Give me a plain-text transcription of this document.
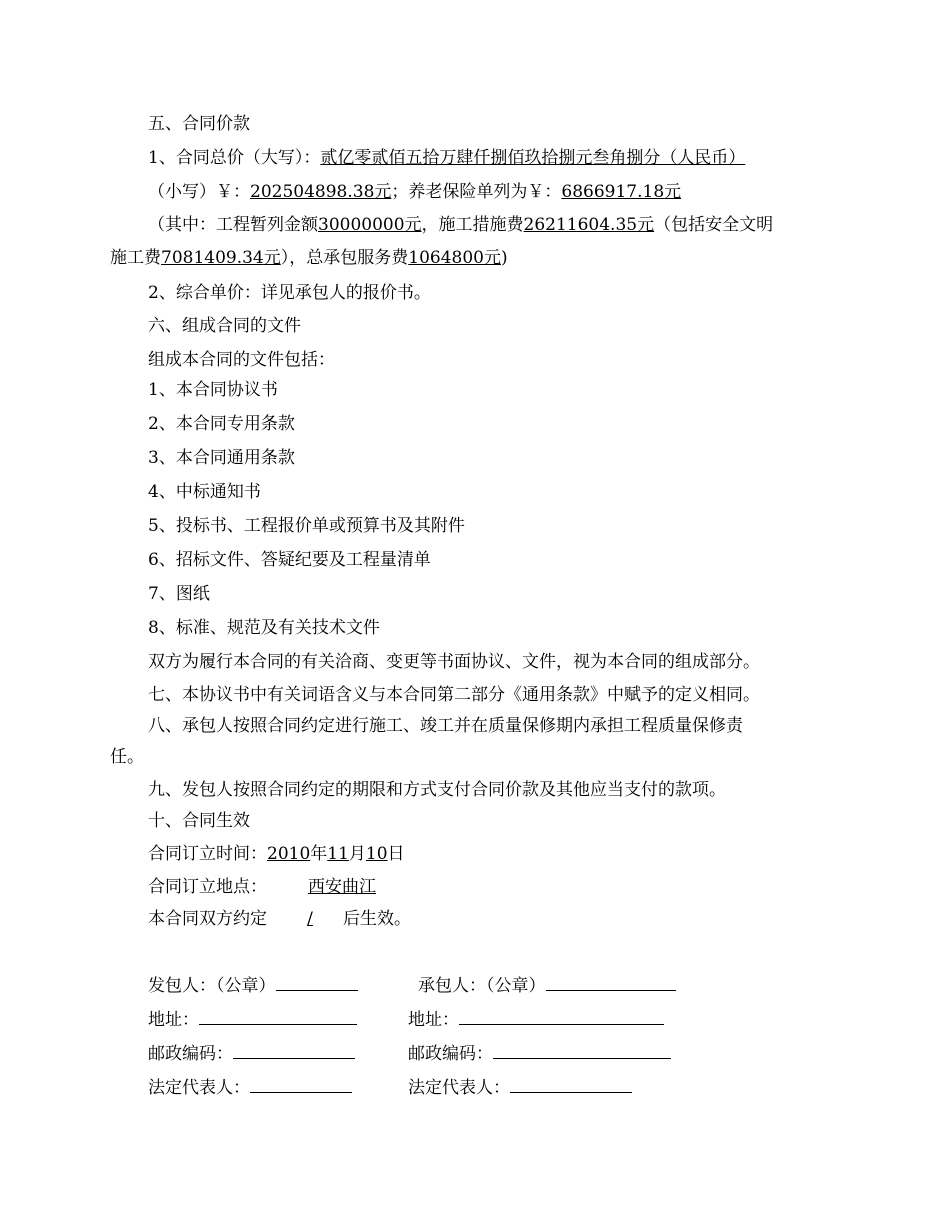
五、合同价款
1、合同总价（大写）：贰亿零贰佰五拾万肆仟捌佰玖拾捌元叁角捌分（人民币）
（小写）￥：202504898.38元；养老保险单列为￥：6866917.18元
（其中：工程暂列金额30000000元，施工措施费26211604.35元（包括安全文明
施工费7081409.34元），总承包服务费1064800元)
2、综合单价：详见承包人的报价书。
六、组成合同的文件
组成本合同的文件包括：
1、本合同协议书
2、本合同专用条款
3、本合同通用条款
4、中标通知书
5、投标书、工程报价单或预算书及其附件
6、招标文件、答疑纪要及工程量清单
7、图纸
8、标准、规范及有关技术文件
双方为履行本合同的有关洽商、变更等书面协议、文件，视为本合同的组成部分。
七、本协议书中有关词语含义与本合同第二部分《通用条款》中赋予的定义相同。
八、承包人按照合同约定进行施工、竣工并在质量保修期内承担工程质量保修责
任。
九、发包人按照合同约定的期限和方式支付合同价款及其他应当支付的款项。
十、合同生效
合同订立时间：2010年11月10日
合同订立地点： 西安曲江
本合同双方约定 / 后生效。
发包人：（公章）	承包人：（公章）
地址：	地址：
邮政编码：	邮政编码：
法定代表人：	法定代表人：
